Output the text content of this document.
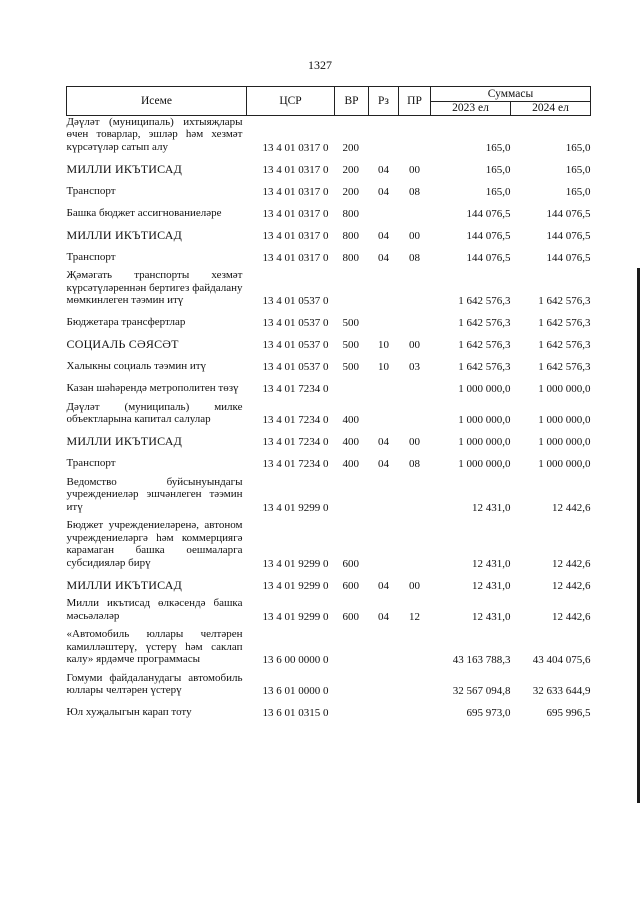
1327
Исеме	ЦСР	ВР	Рз	ПР	Суммасы	
					2023 ел	2024 ел
Дәүләт (муниципаль) ихтыяҗлары өчен товарлар, эшләр һәм хезмәт күрсәтүләр сатып алу	13 4 01 0317 0	200			165,0	165,0
МИЛЛИ ИКЪТИСАД	13 4 01 0317 0	200	04	00	165,0	165,0
Транспорт	13 4 01 0317 0	200	04	08	165,0	165,0
Башка бюджет ассигнованиеләре	13 4 01 0317 0	800			144 076,5	144 076,5
МИЛЛИ ИКЪТИСАД	13 4 01 0317 0	800	04	00	144 076,5	144 076,5
Транспорт	13 4 01 0317 0	800	04	08	144 076,5	144 076,5
Җәмәгать транспорты хезмәт күрсәтүләреннән бертигез файдалану мөмкинлеген тәэмин итү	13 4 01 0537 0				1 642 576,3	1 642 576,3
Бюджетара трансфертлар	13 4 01 0537 0	500			1 642 576,3	1 642 576,3
СОЦИАЛЬ СӘЯСӘТ	13 4 01 0537 0	500	10	00	1 642 576,3	1 642 576,3
Халыкны социаль тәэмин итү	13 4 01 0537 0	500	10	03	1 642 576,3	1 642 576,3
Казан шәһәрендә метрополитен төзү	13 4 01 7234 0				1 000 000,0	1 000 000,0
Дәүләт (муниципаль) милке объектларына капитал салулар	13 4 01 7234 0	400			1 000 000,0	1 000 000,0
МИЛЛИ ИКЪТИСАД	13 4 01 7234 0	400	04	00	1 000 000,0	1 000 000,0
Транспорт	13 4 01 7234 0	400	04	08	1 000 000,0	1 000 000,0
Ведомство буйсынуындагы учреждениеләр эшчәнлеген тәэмин итү	13 4 01 9299 0				12 431,0	12 442,6
Бюджет учреждениеләренә, автоном учреждениеләргә һәм коммерциягә карамаган башка оешмаларга субсидияләр бирү	13 4 01 9299 0	600			12 431,0	12 442,6
МИЛЛИ ИКЪТИСАД	13 4 01 9299 0	600	04	00	12 431,0	12 442,6
Милли икътисад өлкәсендә башка мәсьәләләр	13 4 01 9299 0	600	04	12	12 431,0	12 442,6
«Автомобиль юллары челтәрен камилләштерү, үстерү һәм саклап калу» ярдәмче программасы	13 6 00 0000 0				43 163 788,3	43 404 075,6
Гомуми файдаланудагы автомобиль юллары челтәрен үстерү	13 6 01 0000 0				32 567 094,8	32 633 644,9
Юл хуҗалыгын карап тоту	13 6 01 0315 0				695 973,0	695 996,5
